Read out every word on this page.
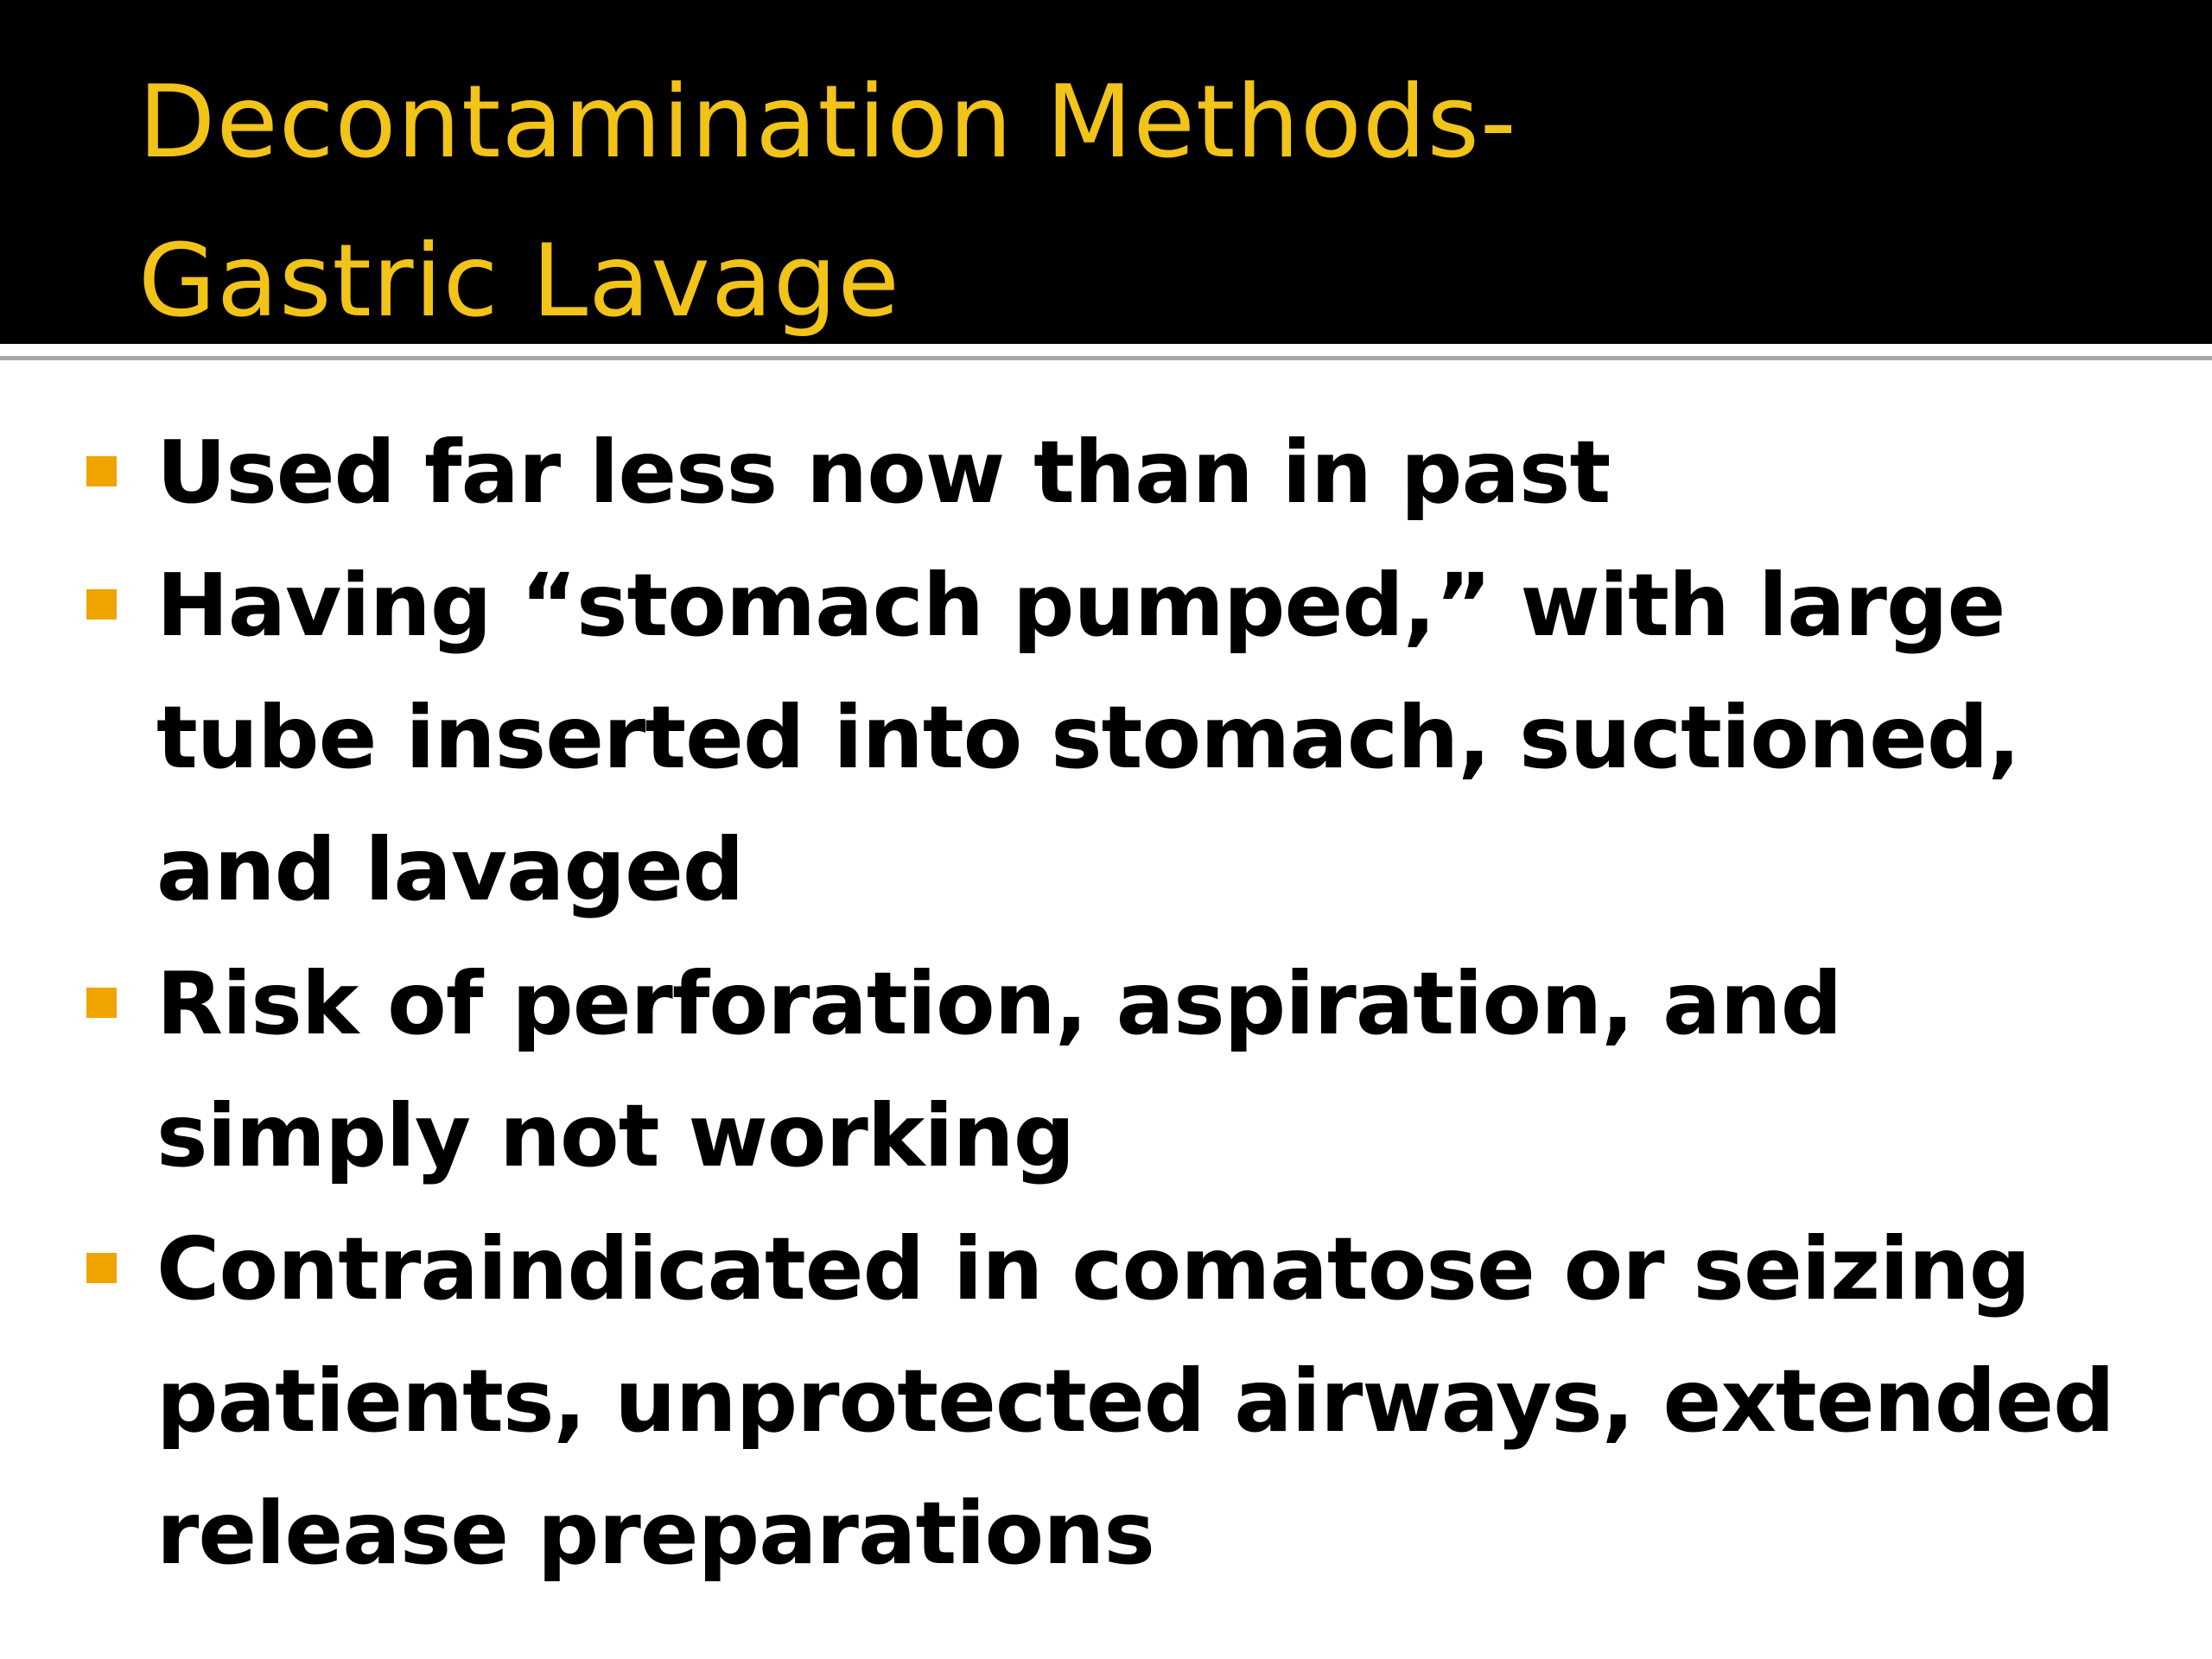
Decontamination Methods-
Gastric Lavage

Used far less now than in past

Having “stomach pumped,” with large
tube inserted into stomach, suctioned,
and lavaged

Risk of perforation, aspiration, and
simply not working

Contraindicated in comatose or seizing
patients, unprotected airways, extended
release preparations
